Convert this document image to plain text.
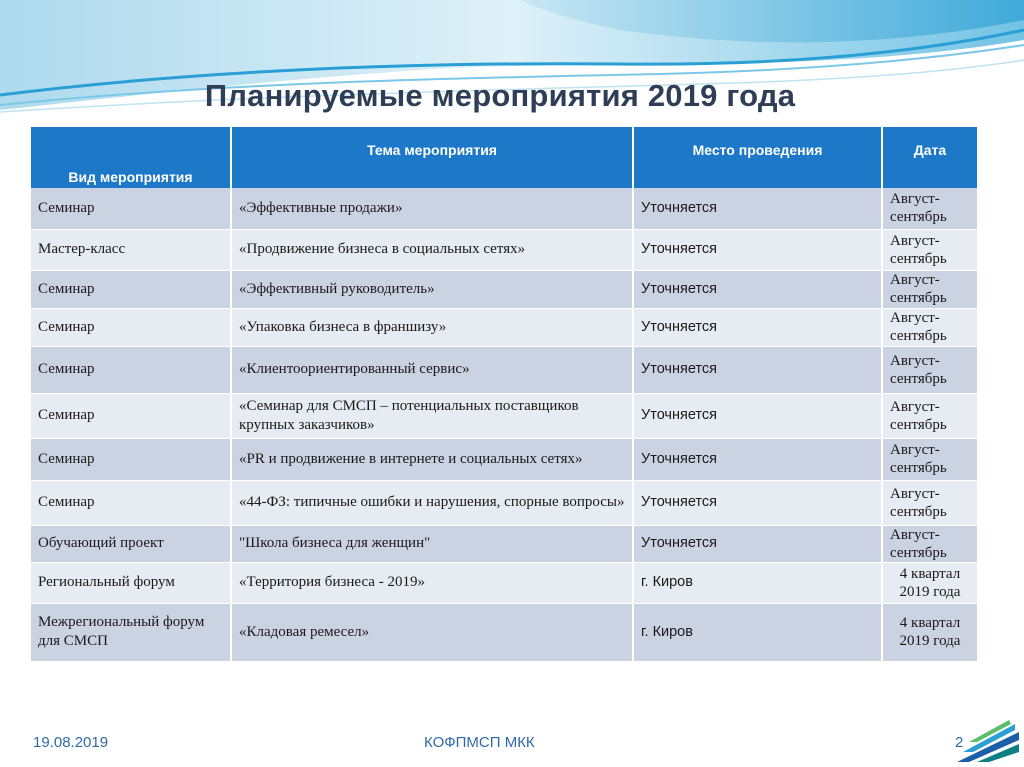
Планируемые мероприятия 2019 года
Вид мероприятия	Тема мероприятия	Место проведения	Дата
Семинар	«Эффективные продажи»	Уточняется	Август-сентябрь
Мастер-класс	«Продвижение бизнеса в социальных сетях»	Уточняется	Август-сентябрь
Семинар	«Эффективный руководитель»	Уточняется	Август-сентябрь
Семинар	«Упаковка бизнеса в франшизу»	Уточняется	Август-сентябрь
Семинар	«Клиентоориентированный сервис»	Уточняется	Август-сентябрь
Семинар	«Семинар для СМСП – потенциальных поставщиков крупных заказчиков»	Уточняется	Август-сентябрь
Семинар	«PR и продвижение в интернете и социальных сетях»	Уточняется	Август-сентябрь
Семинар	«44-ФЗ: типичные ошибки и нарушения, спорные вопросы»	Уточняется	Август-сентябрь
Обучающий проект	"Школа бизнеса для женщин"	Уточняется	Август-сентябрь
Региональный форум	«Территория бизнеса - 2019»	г. Киров	4 квартал 2019 года
Межрегиональный форум для СМСП	«Кладовая ремесел»	г. Киров	4 квартал 2019 года
19.08.2019	КОФПМСП МКК	2
